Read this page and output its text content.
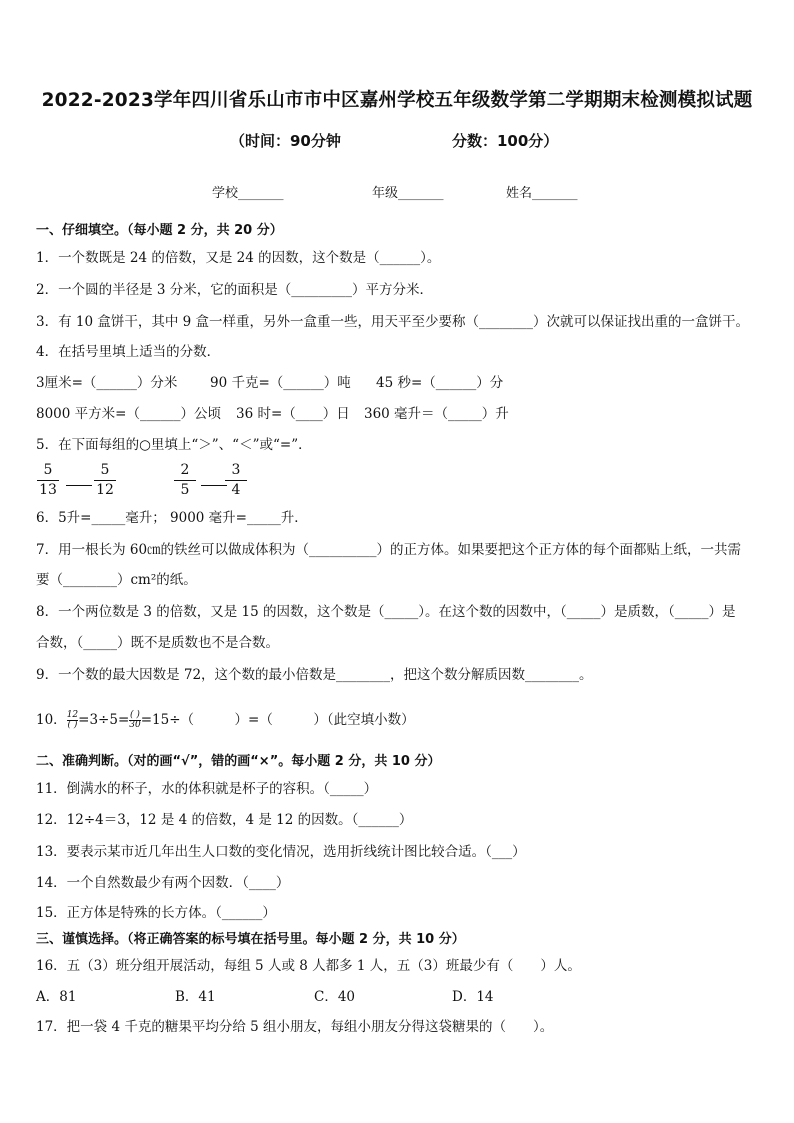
2022-2023学年四川省乐山市市中区嘉州学校五年级数学第二学期期末检测模拟试题
（时间：90分钟	分数：100分）
学校_______	年级_______	姓名_______
一、仔细填空。（每小题 2 分，共 20 分）
1．一个数既是 24 的倍数，又是 24 的因数，这个数是（______）。
2．一个圆的半径是 3 分米，它的面积是（_________）平方分米．
3．有 10 盒饼干，其中 9 盒一样重，另外一盒重一些，用天平至少要称（________）次就可以保证找出重的一盒饼干。
4．在括号里填上适当的分数．
3厘米=（______）分米 90 千克=（______）吨 45 秒=（______）分
8000 平方米=（______）公顷 36 时=（____）日 360 毫升＝（_____）升
5．在下面每组的○里填上“＞”、“＜”或“=”．
5
13
5
12
2
5
3
4
6．5升=_____毫升； 9000 毫升=_____升．
7．用一根长为 60㎝的铁丝可以做成体积为（__________）的正方体。如果要把这个正方体的每个面都贴上纸，一共需
要（________）cm²的纸。
8．一个两位数是 3 的倍数，又是 15 的因数，这个数是（_____）。在这个数的因数中，（_____）是质数，（_____）是
合数，（_____）既不是质数也不是合数。
9．一个数的最大因数是 72，这个数的最小倍数是________，把这个数分解质因数________。
10． 12
( ) =3÷5= ( )
30 =15÷（　　　）=（　　　）（此空填小数）
二、准确判断。（对的画“√”，错的画“×”。每小题 2 分，共 10 分）
11．倒满水的杯子，水的体积就是杯子的容积。（_____）
12．12÷4＝3，12 是 4 的倍数，4 是 12 的因数。（______）
13．要表示某市近几年出生人口数的变化情况，选用折线统计图比较合适。（___）
14．一个自然数最少有两个因数．（____）
15．正方体是特殊的长方体。（______）
三、谨慎选择。（将正确答案的标号填在括号里。每小题 2 分，共 10 分）
16．五（3）班分组开展活动，每组 5 人或 8 人都多 1 人，五（3）班最少有（　　）人。
A．81	B．41	C．40	D．14
17．把一袋 4 千克的糖果平均分给 5 组小朋友，每组小朋友分得这袋糖果的（　　）。
